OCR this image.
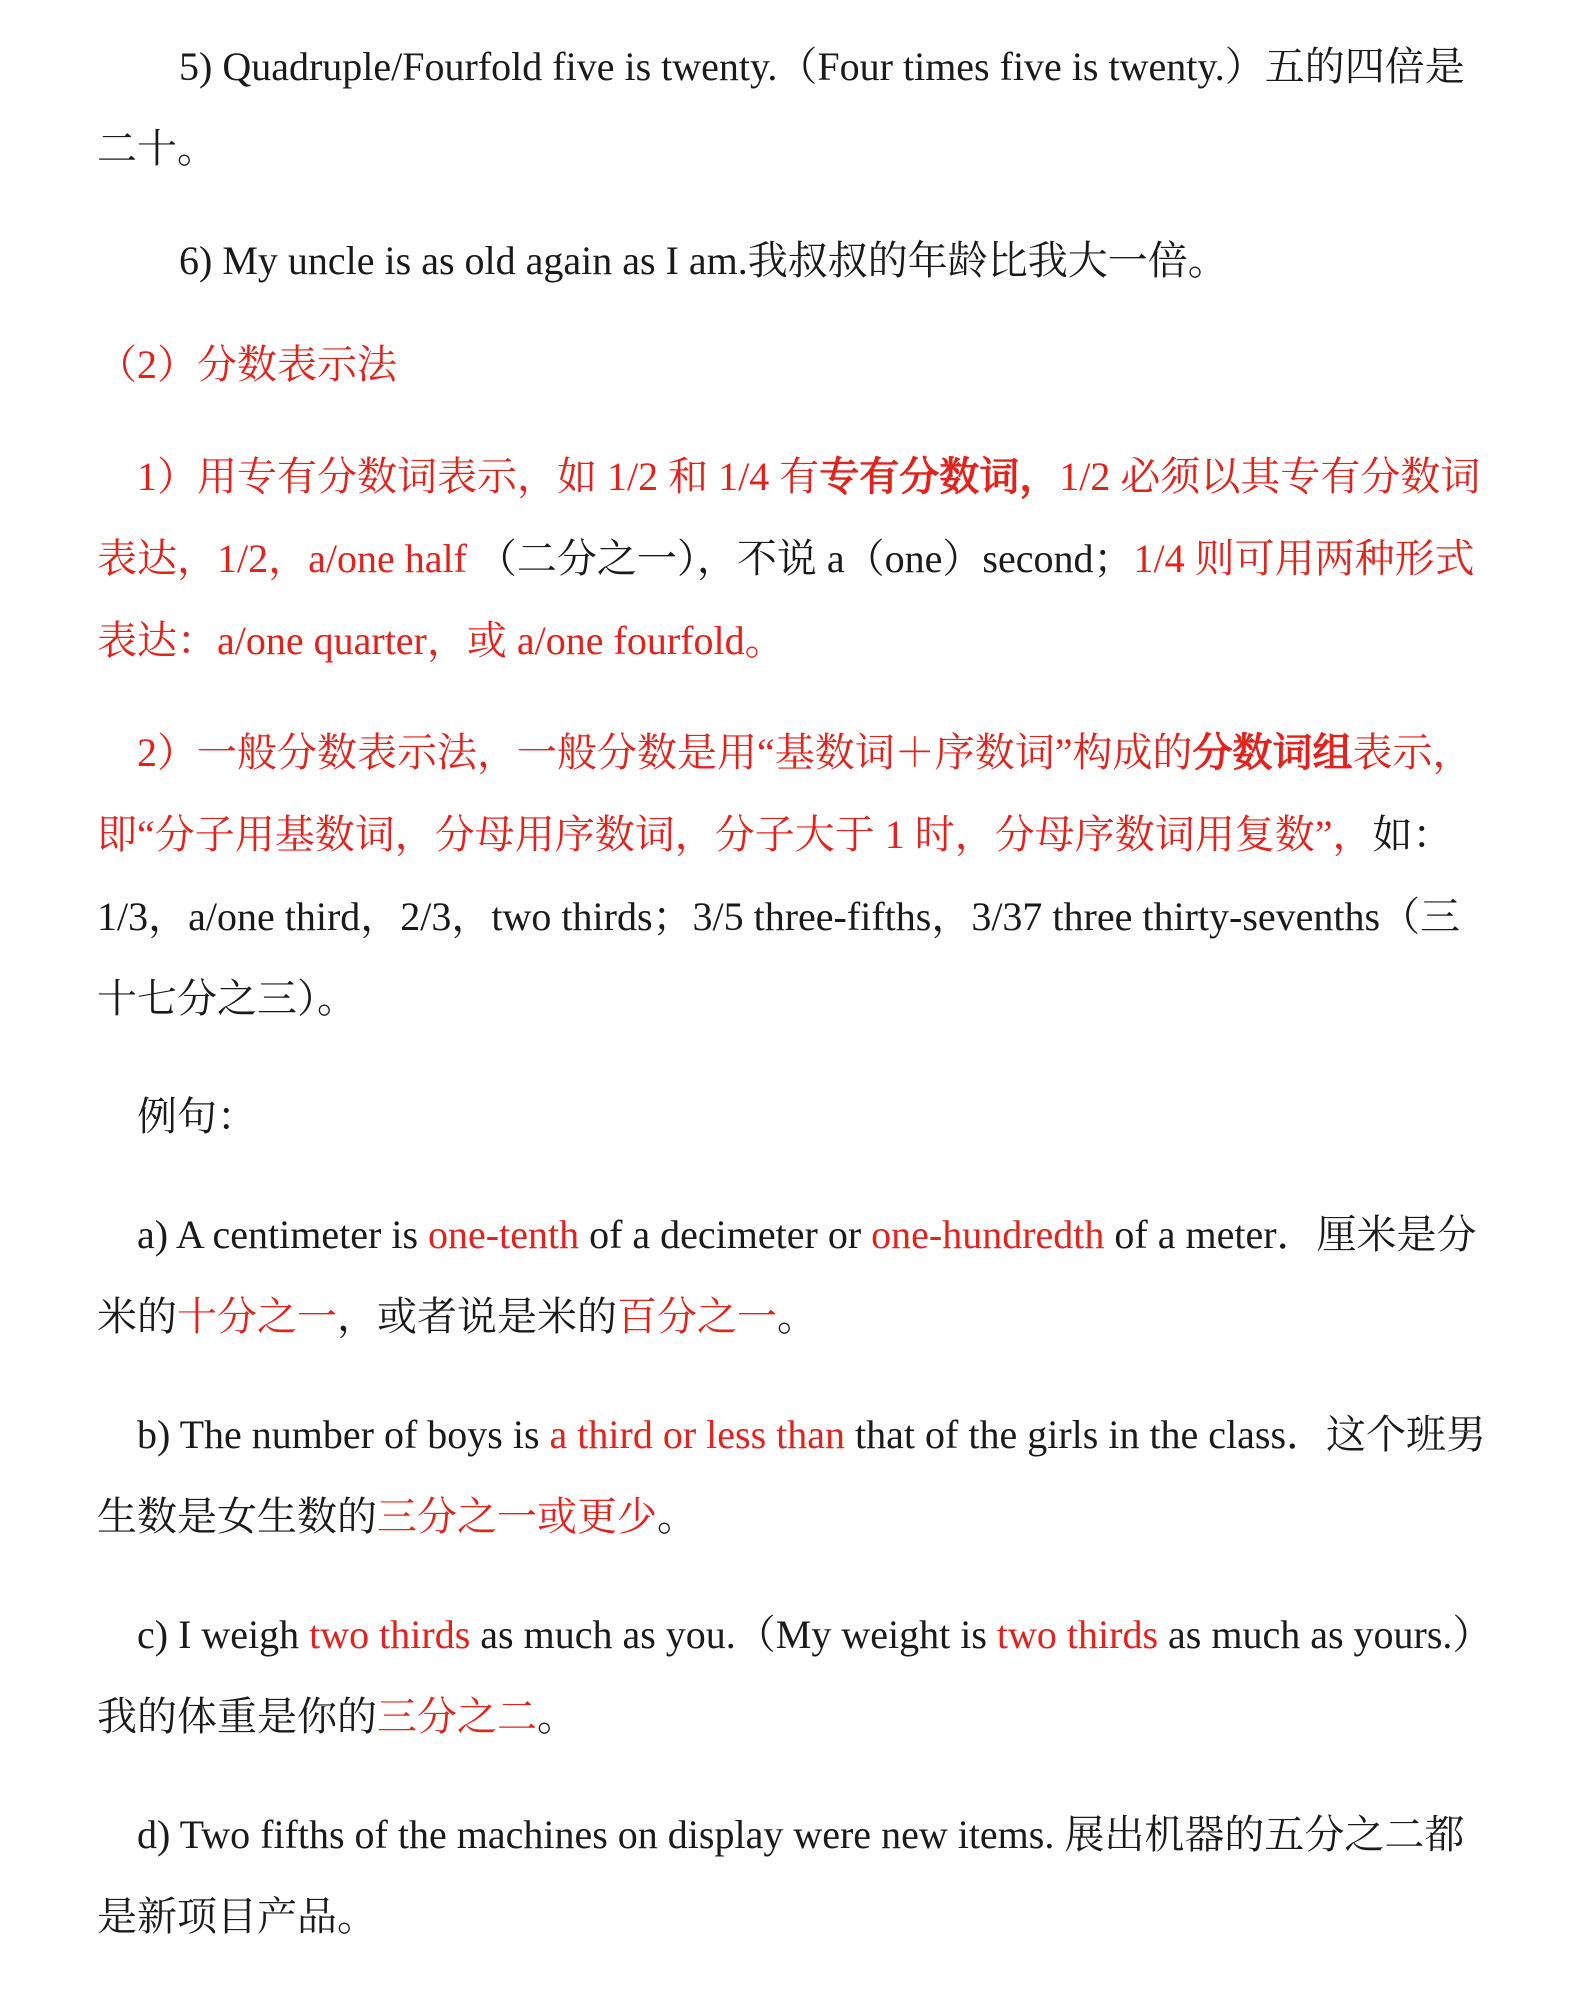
5) Quadruple/Fourfold five is twenty.（Four times five is twenty.）五的四倍是二十。

6) My uncle is as old again as I am.我叔叔的年龄比我大一倍。

（2）分数表示法

1）用专有分数词表示，如 1/2 和 1/4 有专有分数词，1/2 必须以其专有分数词表达，1/2，a/one half （二分之一），不说 a（one）second；1/4 则可用两种形式表达：a/one quarter，或 a/one fourfold。

2）一般分数表示法，一般分数是用“基数词＋序数词”构成的分数词组表示，即“分子用基数词，分母用序数词，分子大于 1 时，分母序数词用复数”，如：1/3，a/one third，2/3，two thirds；3/5 three-fifths，3/37 three thirty-sevenths（三十七分之三）。

例句：

a) A centimeter is one-tenth of a decimeter or one-hundredth of a meter．厘米是分米的十分之一，或者说是米的百分之一。

b) The number of boys is a third or less than that of the girls in the class．这个班男生数是女生数的三分之一或更少。

c) I weigh two thirds as much as you.（My weight is two thirds as much as yours.）我的体重是你的三分之二。

d) Two fifths of the machines on display were new items. 展出机器的五分之二都是新项目产品。
